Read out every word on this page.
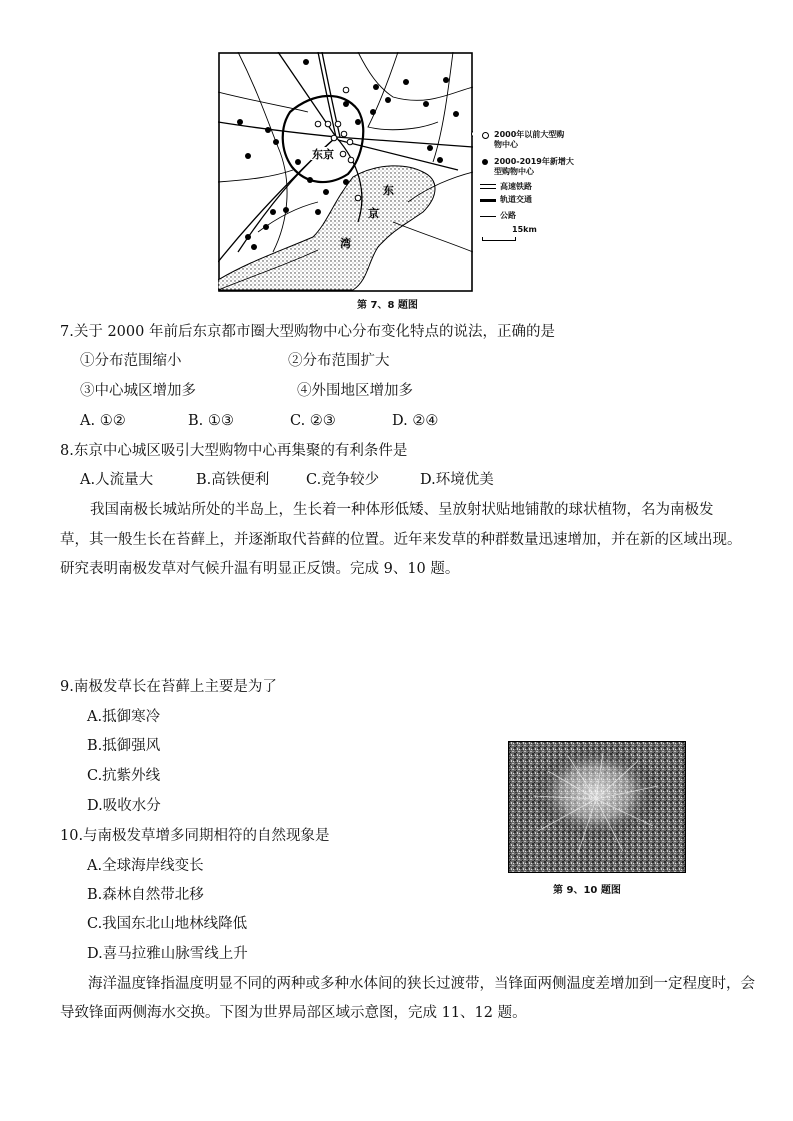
东京
东
京
湾
2000年以前大型购物中心
2000-2019年新增大型购物中心
高速铁路
轨道交通
公路
15km
第 7、8 题图
7.关于 2000 年前后东京都市圈大型购物中心分布变化特点的说法，正确的是
①分布范围缩小	②分布范围扩大
③中心城区增加多	④外围地区增加多
A. ①②	B. ①③	C. ②③	D. ②④
8.东京中心城区吸引大型购物中心再集聚的有利条件是
A.人流量大	B.高铁便利	C.竞争较少	D.环境优美
我国南极长城站所处的半岛上，生长着一种体形低矮、呈放射状贴地铺散的球状植物，名为南极发
草，其一般生长在苔藓上，并逐渐取代苔藓的位置。近年来发草的种群数量迅速增加，并在新的区域出现。
研究表明南极发草对气候升温有明显正反馈。完成 9、10 题。
9.南极发草长在苔藓上主要是为了
A.抵御寒冷
B.抵御强风
C.抗紫外线
D.吸收水分
10.与南极发草增多同期相符的自然现象是
A.全球海岸线变长
B.森林自然带北移
C.我国东北山地林线降低
D.喜马拉雅山脉雪线上升
第 9、10 题图
海洋温度锋指温度明显不同的两种或多种水体间的狭长过渡带，当锋面两侧温度差增加到一定程度时，会
导致锋面两侧海水交换。下图为世界局部区域示意图，完成 11、12 题。
